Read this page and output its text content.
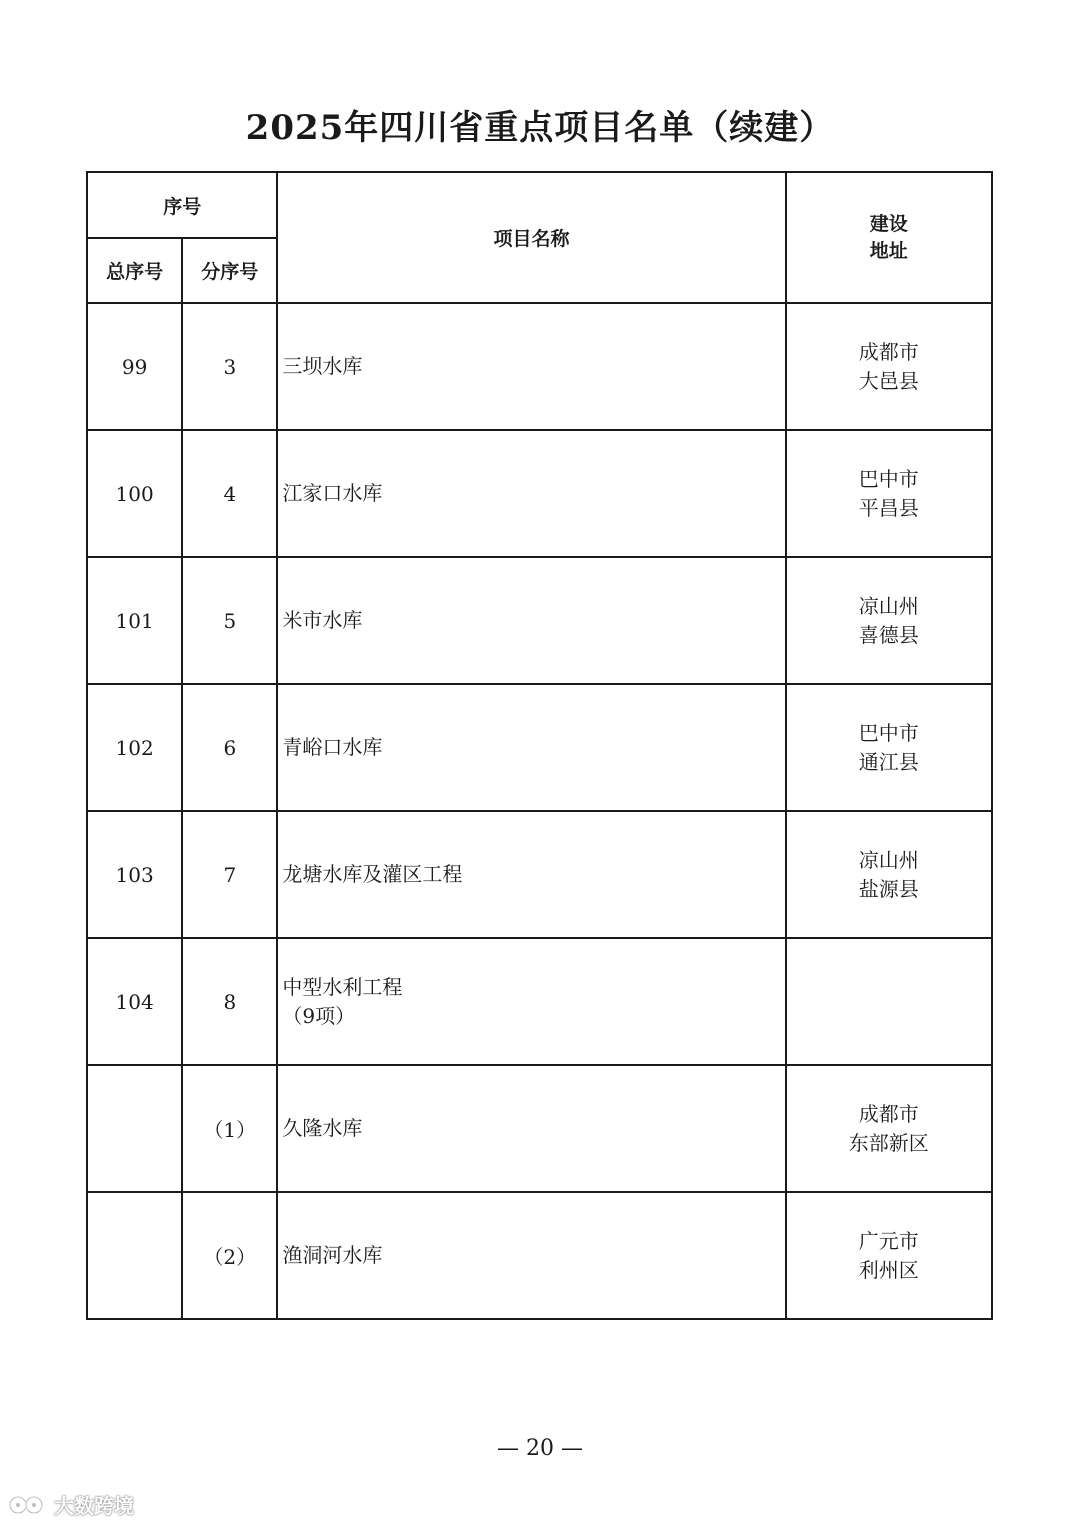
2025年四川省重点项目名单（续建）
序号		项目名称	建设
地址

总序号	分序号		
99	3	三坝水库	成都市
大邑县

100	4	江家口水库	巴中市
平昌县

101	5	米市水库	凉山州
喜德县

102	6	青峪口水库	巴中市
通江县

103	7	龙塘水库及灌区工程	凉山州
盐源县

104	8	中型水利工程
（9项）	

	（1）	久隆水库	成都市
东部新区

	（2）	渔洞河水库	广元市
利州区
— 20 —
大数跨境
